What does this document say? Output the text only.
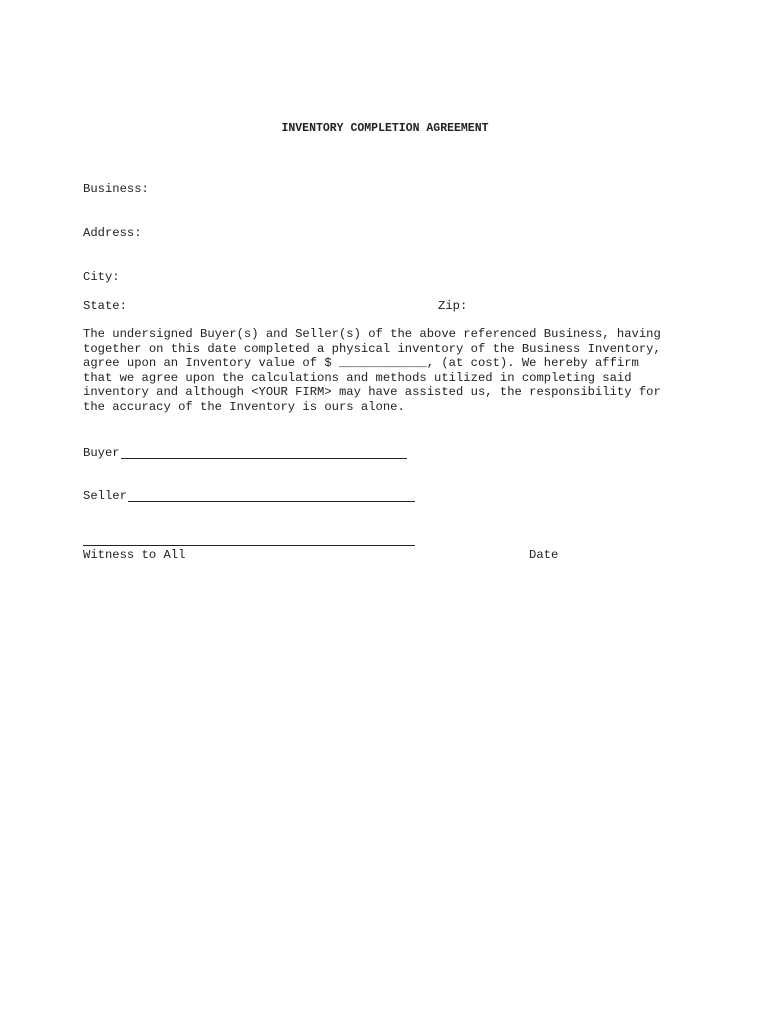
INVENTORY COMPLETION AGREEMENT
Business:
Address:
City:
State:	Zip:
The undersigned Buyer(s) and Seller(s) of the above referenced Business, having
together on this date completed a physical inventory of the Business Inventory,
agree upon an Inventory value of $ ____________, (at cost). We hereby affirm
that we agree upon the calculations and methods utilized in completing said
inventory and although <YOUR FIRM> may have assisted us, the responsibility for
the accuracy of the Inventory is ours alone.
Buyer
Seller
Witness to All	Date
